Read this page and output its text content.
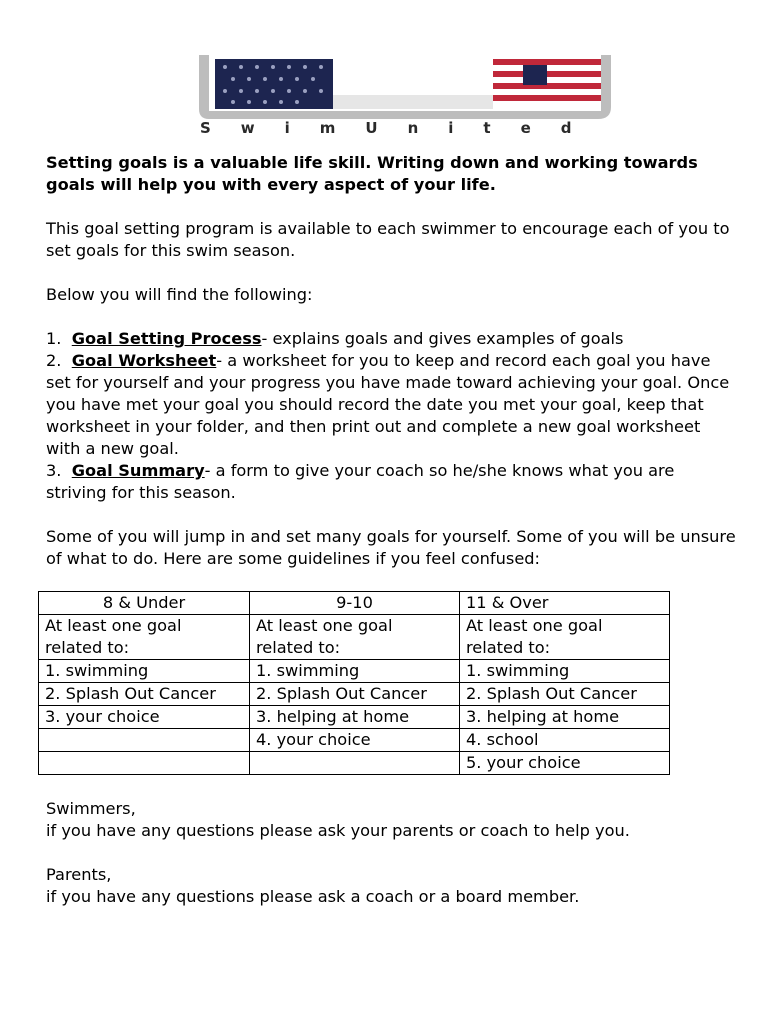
SwimUnited
Setting goals is a valuable life skill. Writing down and working towards goals will help you with every aspect of your life.
This goal setting program is available to each swimmer to encourage each of you to set goals for this swim season.
Below you will find the following:
1. Goal Setting Process- explains goals and gives examples of goals
2. Goal Worksheet- a worksheet for you to keep and record each goal you have set for yourself and your progress you have made toward achieving your goal. Once you have met your goal you should record the date you met your goal, keep that worksheet in your folder, and then print out and complete a new goal worksheet with a new goal.
3. Goal Summary- a form to give your coach so he/she knows what you are striving for this season.
Some of you will jump in and set many goals for yourself. Some of you will be unsure of what to do. Here are some guidelines if you feel confused:
8 & Under	9-10	11 & Over
At least one goal	At least one goal	At least one goal
related to:	related to:	related to:
1. swimming	1. swimming	1. swimming
2. Splash Out Cancer	2. Splash Out Cancer	2. Splash Out Cancer
3. your choice	3. helping at home	3. helping at home
	4. your choice	4. school
		5. your choice
Swimmers,
if you have any questions please ask your parents or coach to help you.
Parents,
if you have any questions please ask a coach or a board member.
